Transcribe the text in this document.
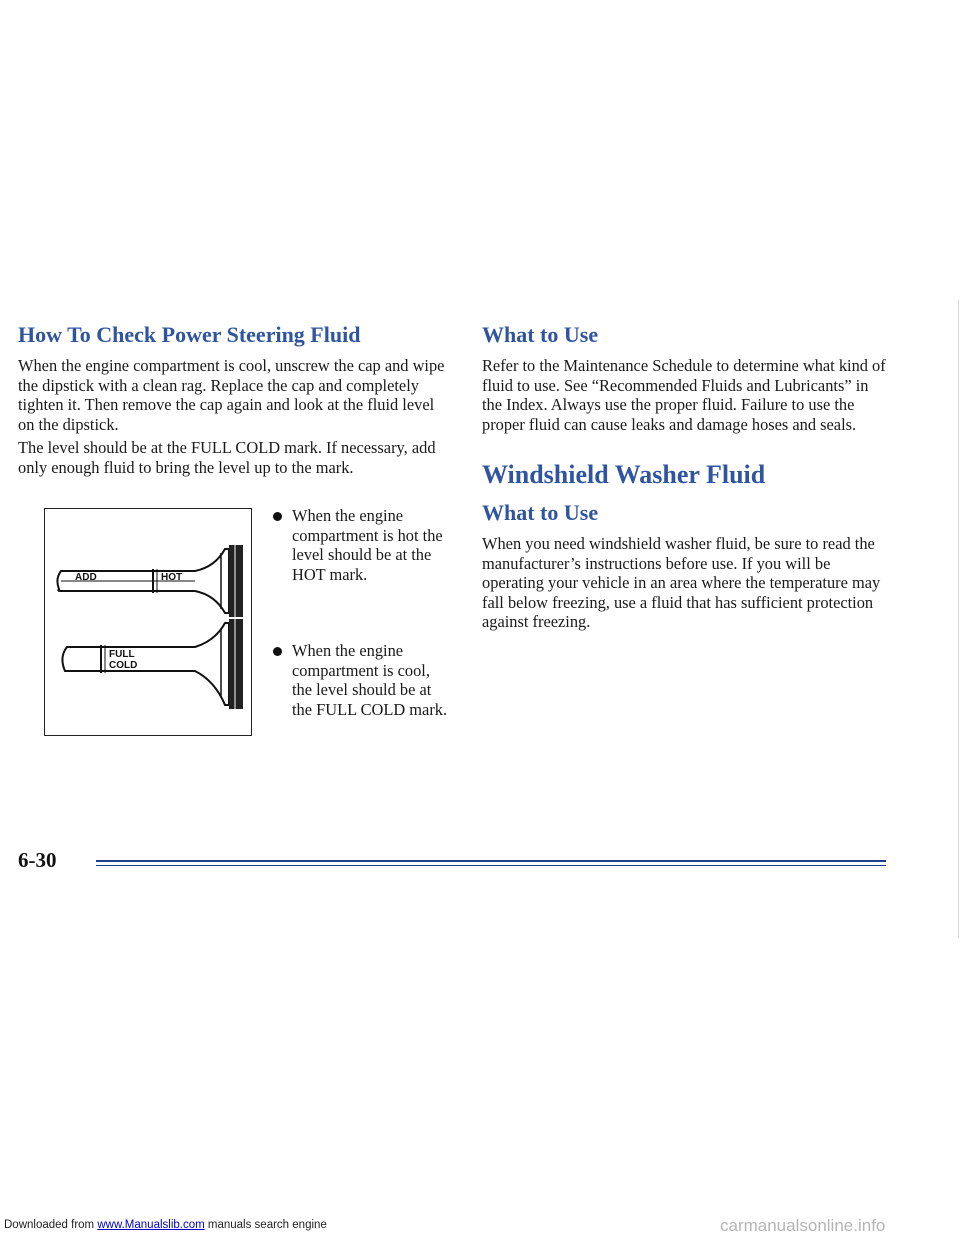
How To Check Power Steering Fluid

When the engine compartment is cool, unscrew the cap and wipe the dipstick with a clean rag. Replace the cap and completely tighten it. Then remove the cap again and look at the fluid level on the dipstick.

The level should be at the FULL COLD mark. If necessary, add only enough fluid to bring the level up to the mark.

ADD	HOT
FULL
COLD
When the engine compartment is hot the level should be at the HOT mark.
When the engine compartment is cool, the level should be at the FULL COLD mark.
What to Use

Refer to the Maintenance Schedule to determine what kind of fluid to use. See “Recommended Fluids and Lubricants” in the Index. Always use the proper fluid. Failure to use the proper fluid can cause leaks and damage hoses and seals.

Windshield Washer Fluid
What to Use

When you need windshield washer fluid, be sure to read the manufacturer’s instructions before use. If you will be operating your vehicle in an area where the temperature may fall below freezing, use a fluid that has sufficient protection against freezing.

6-30
Downloaded from www.Manualslib.com manuals search engine	carmanualsonline.info
